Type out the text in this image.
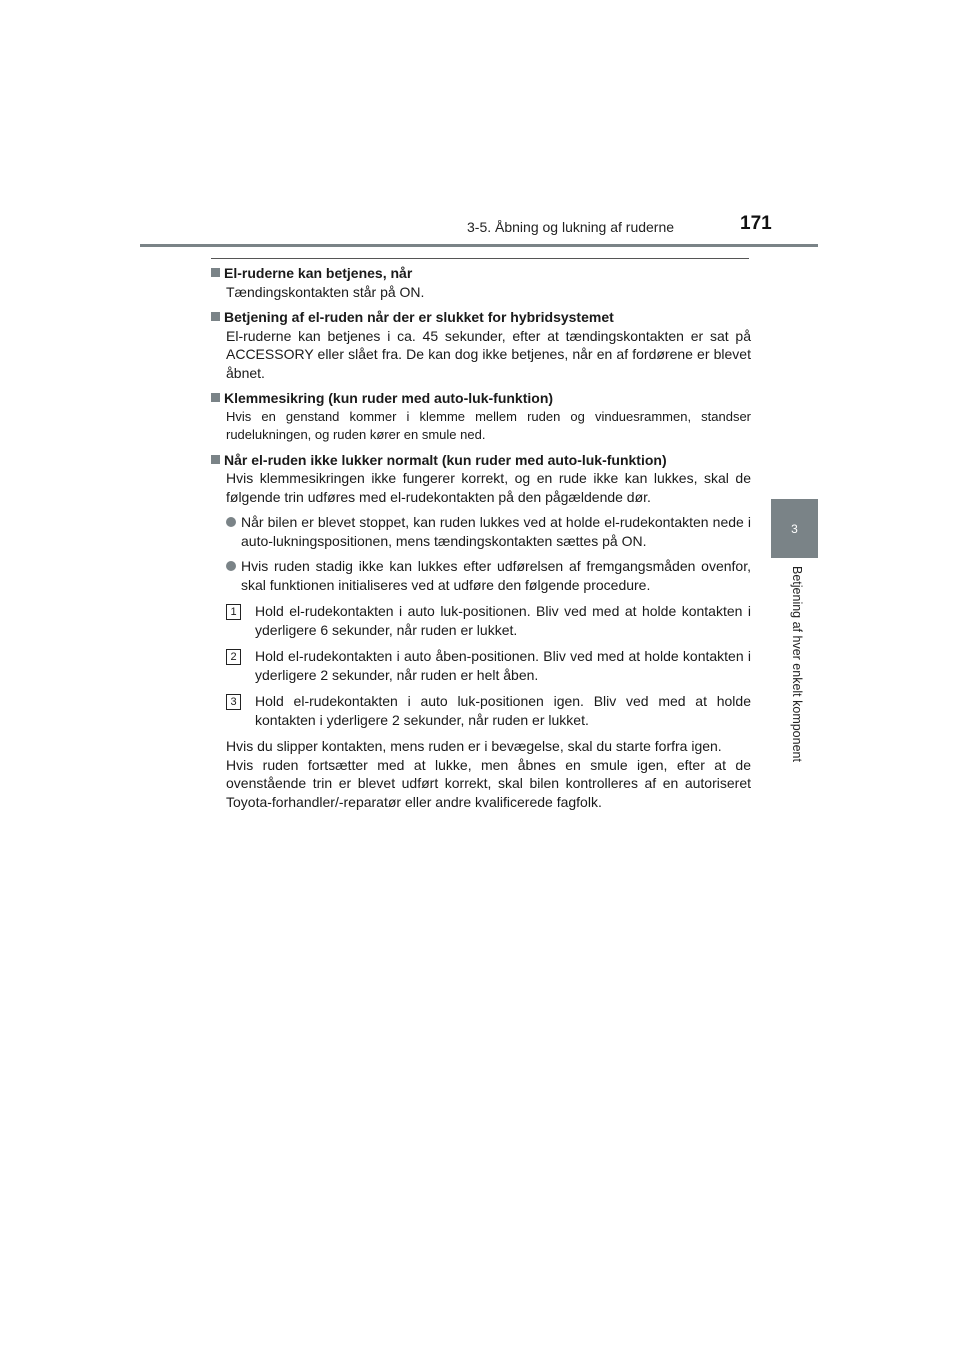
3-5. Åbning og lukning af ruderne	171
3
Betjening af hver enkelt komponent
El-ruderne kan betjenes, når
Tændingskontakten står på ON.
Betjening af el-ruden når der er slukket for hybridsystemet
El-ruderne kan betjenes i ca. 45 sekunder, efter at tændingskontakten er sat på ACCESSORY eller slået fra. De kan dog ikke betjenes, når en af fordørene er blevet åbnet.
Klemmesikring (kun ruder med auto-luk-funktion)
Hvis en genstand kommer i klemme mellem ruden og vinduesrammen, standser rudelukningen, og ruden kører en smule ned.
Når el-ruden ikke lukker normalt (kun ruder med auto-luk-funktion)
Hvis klemmesikringen ikke fungerer korrekt, og en rude ikke kan lukkes, skal de følgende trin udføres med el-rudekontakten på den pågældende dør.
Når bilen er blevet stoppet, kan ruden lukkes ved at holde el-rudekontakten nede i auto-lukningspositionen, mens tændingskontakten sættes på ON.
Hvis ruden stadig ikke kan lukkes efter udførelsen af fremgangsmåden ovenfor, skal funktionen initialiseres ved at udføre den følgende procedure.
1	Hold el-rudekontakten i auto luk-positionen. Bliv ved med at holde kontakten i yderligere 6 sekunder, når ruden er lukket.
2	Hold el-rudekontakten i auto åben-positionen. Bliv ved med at holde kontakten i yderligere 2 sekunder, når ruden er helt åben.
3	Hold el-rudekontakten i auto luk-positionen igen. Bliv ved med at holde kontakten i yderligere 2 sekunder, når ruden er lukket.
Hvis du slipper kontakten, mens ruden er i bevægelse, skal du starte forfra igen.
Hvis ruden fortsætter med at lukke, men åbnes en smule igen, efter at de ovenstående trin er blevet udført korrekt, skal bilen kontrolleres af en autoriseret Toyota-forhandler/-reparatør eller andre kvalificerede fagfolk.
